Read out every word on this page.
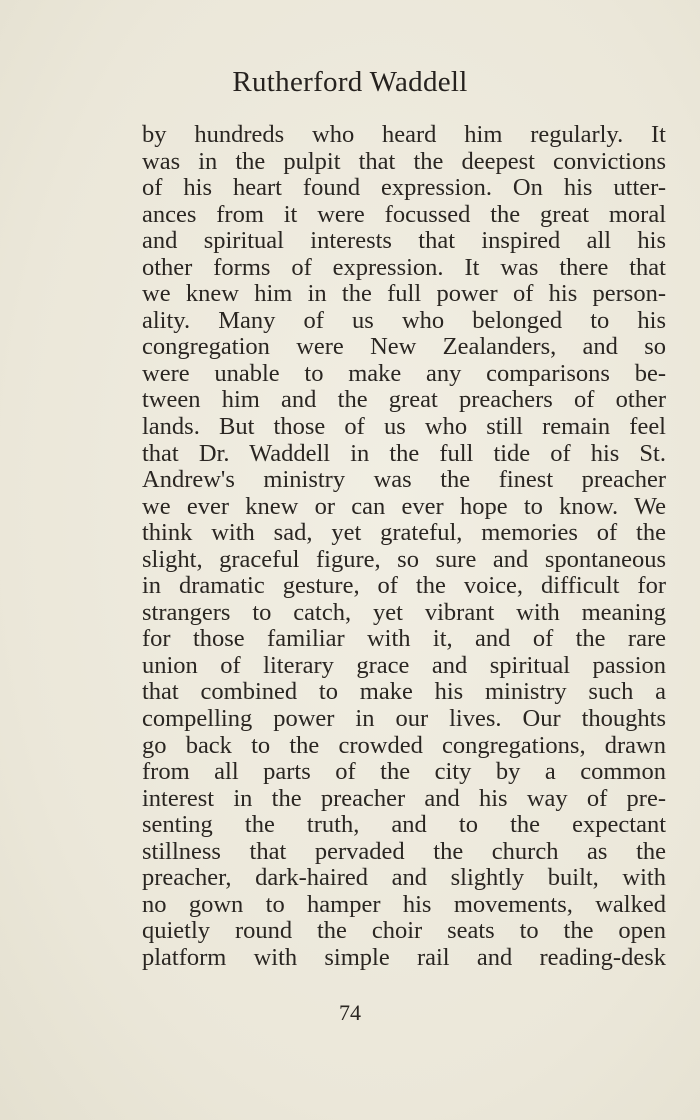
Rutherford Waddell
by hundreds who heard him regularly. It
was in the pulpit that the deepest convictions
of his heart found expression. On his utter-
ances from it were focussed the great moral
and spiritual interests that inspired all his
other forms of expression. It was there that
we knew him in the full power of his person-
ality. Many of us who belonged to his
congregation were New Zealanders, and so
were unable to make any comparisons be-
tween him and the great preachers of other
lands. But those of us who still remain feel
that Dr. Waddell in the full tide of his St.
Andrew's ministry was the finest preacher
we ever knew or can ever hope to know. We
think with sad, yet grateful, memories of the
slight, graceful figure, so sure and spontaneous
in dramatic gesture, of the voice, difficult for
strangers to catch, yet vibrant with meaning
for those familiar with it, and of the rare
union of literary grace and spiritual passion
that combined to make his ministry such a
compelling power in our lives. Our thoughts
go back to the crowded congregations, drawn
from all parts of the city by a common
interest in the preacher and his way of pre-
senting the truth, and to the expectant
stillness that pervaded the church as the
preacher, dark-haired and slightly built, with
no gown to hamper his movements, walked
quietly round the choir seats to the open
platform with simple rail and reading-desk
74
